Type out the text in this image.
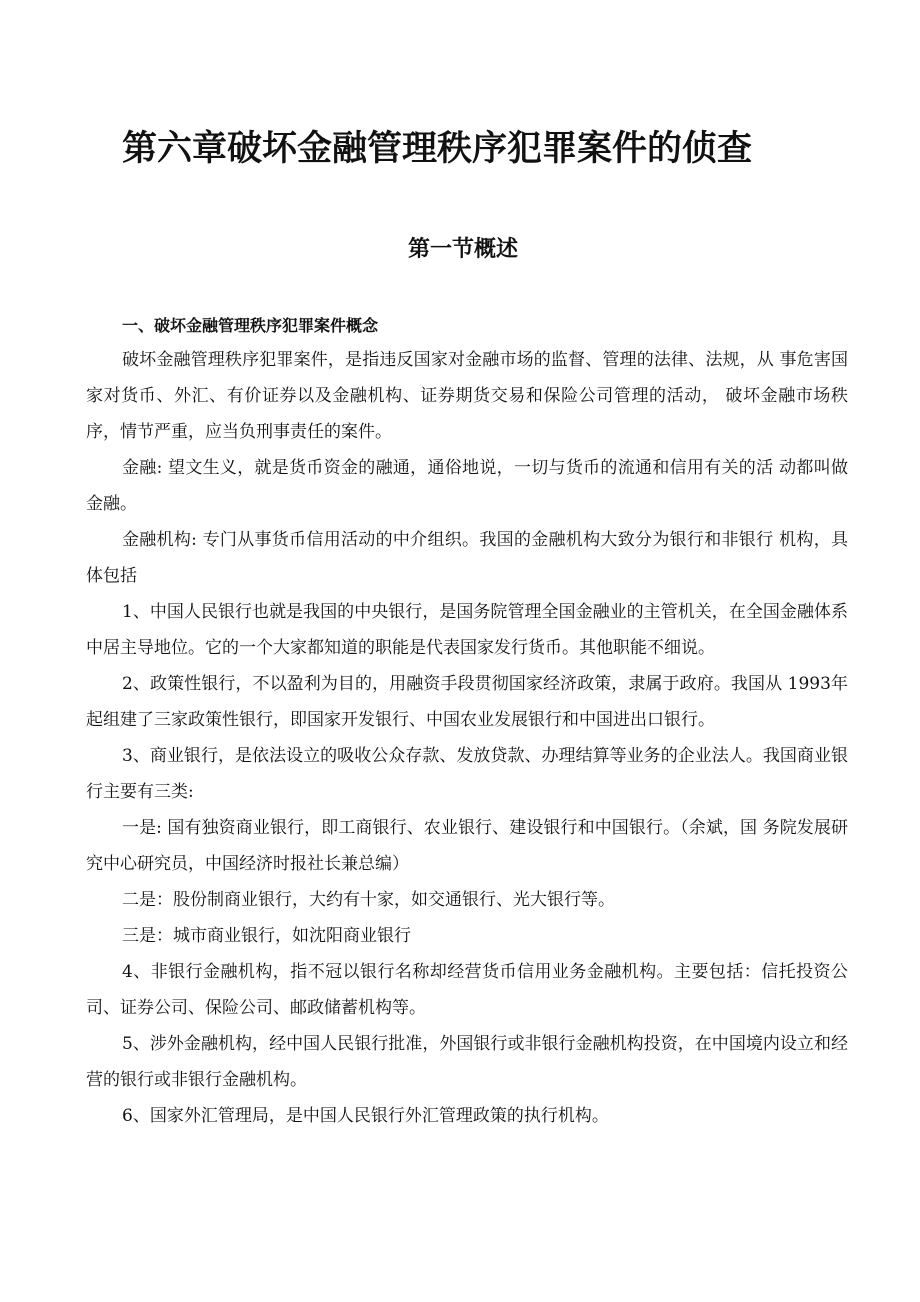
第六章破坏金融管理秩序犯罪案件的侦查
第一节概述
一、破坏金融管理秩序犯罪案件概念

破坏金融管理秩序犯罪案件，是指违反国家对金融市场的监督、管理的法律、法规，从 事危害国家对货币、外汇、有价证券以及金融机构、证券期货交易和保险公司管理的活动， 破坏金融市场秩序，情节严重，应当负刑事责任的案件。

金融: 望文生义，就是货币资金的融通，通俗地说，一切与货币的流通和信用有关的活 动都叫做金融。

金融机构: 专门从事货币信用活动的中介组织。我国的金融机构大致分为银行和非银行 机构，具体包括

1、中国人民银行也就是我国的中央银行，是国务院管理全国金融业的主管机关，在全国金融体系中居主导地位。它的一个大家都知道的职能是代表国家发行货币。其他职能不细说。

2、政策性银行，不以盈利为目的，用融资手段贯彻国家经济政策，隶属于政府。我国从 1993年起组建了三家政策性银行，即国家开发银行、中国农业发展银行和中国进出口银行。

3、商业银行，是依法设立的吸收公众存款、发放贷款、办理结算等业务的企业法人。我国商业银行主要有三类:

一是: 国有独资商业银行，即工商银行、农业银行、建设银行和中国银行。（余斌，国 务院发展研究中心研究员，中国经济时报社长兼总编）

二是：股份制商业银行，大约有十家，如交通银行、光大银行等。

三是：城市商业银行，如沈阳商业银行

4、非银行金融机构，指不冠以银行名称却经营货币信用业务金融机构。主要包括：信托投资公司、证券公司、保险公司、邮政储蓄机构等。

5、涉外金融机构，经中国人民银行批准，外国银行或非银行金融机构投资，在中国境内设立和经营的银行或非银行金融机构。

6、国家外汇管理局，是中国人民银行外汇管理政策的执行机构。
